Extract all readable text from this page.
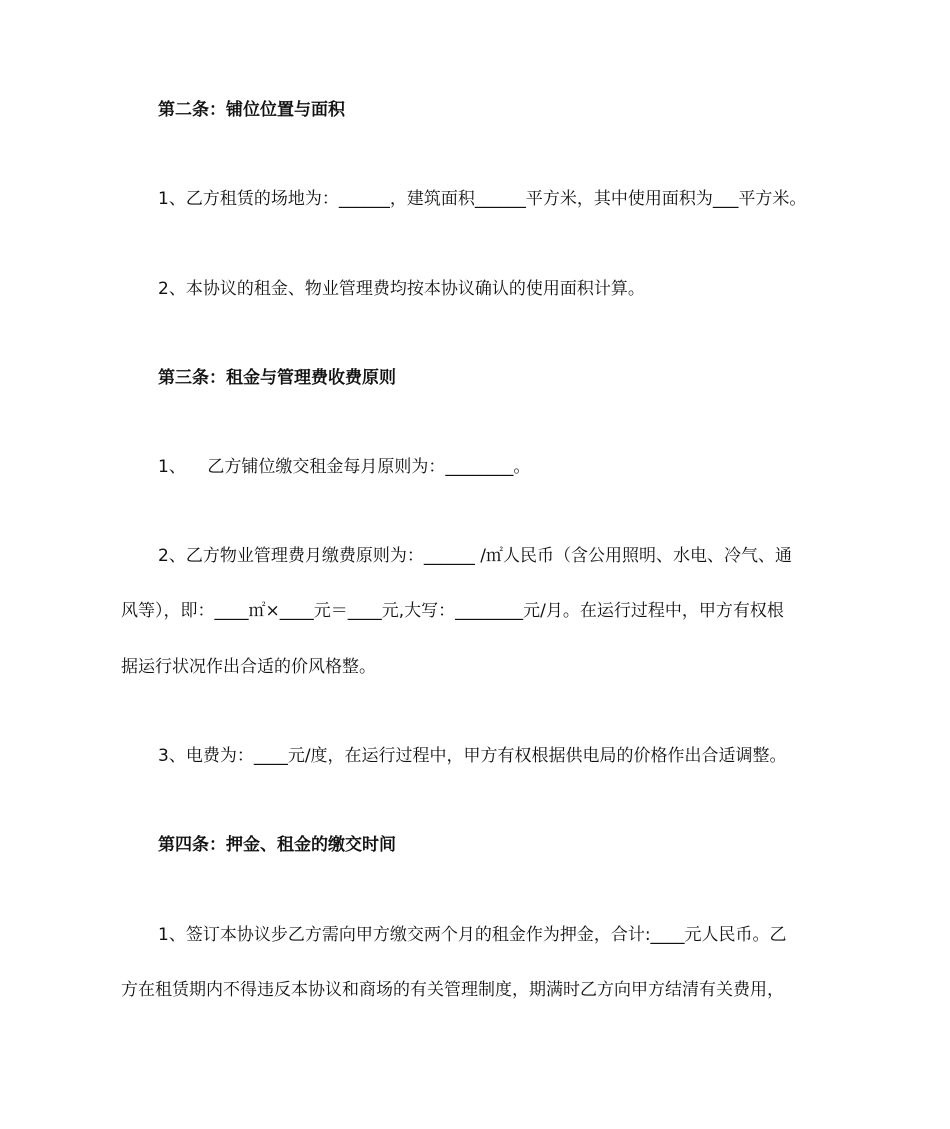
第二条：铺位位置与面积
1、乙方租赁的场地为：______，建筑面积______平方米，其中使用面积为___平方米。
2、本协议的租金、物业管理费均按本协议确认的使用面积计算。
第三条：租金与管理费收费原则
1、    乙方铺位缴交租金每月原则为：________。
2、乙方物业管理费月缴费原则为：______ /㎡人民币（含公用照明、水电、冷气、通
风等），即：____㎡×____元＝____元,大写：________元/月。在运行过程中，甲方有权根
据运行状况作出合适的价风格整。
3、电费为：____元/度，在运行过程中，甲方有权根据供电局的价格作出合适调整。
第四条：押金、租金的缴交时间
1、签订本协议步乙方需向甲方缴交两个月的租金作为押金，合计:____元人民币。乙
方在租赁期内不得违反本协议和商场的有关管理制度，期满时乙方向甲方结清有关费用，
